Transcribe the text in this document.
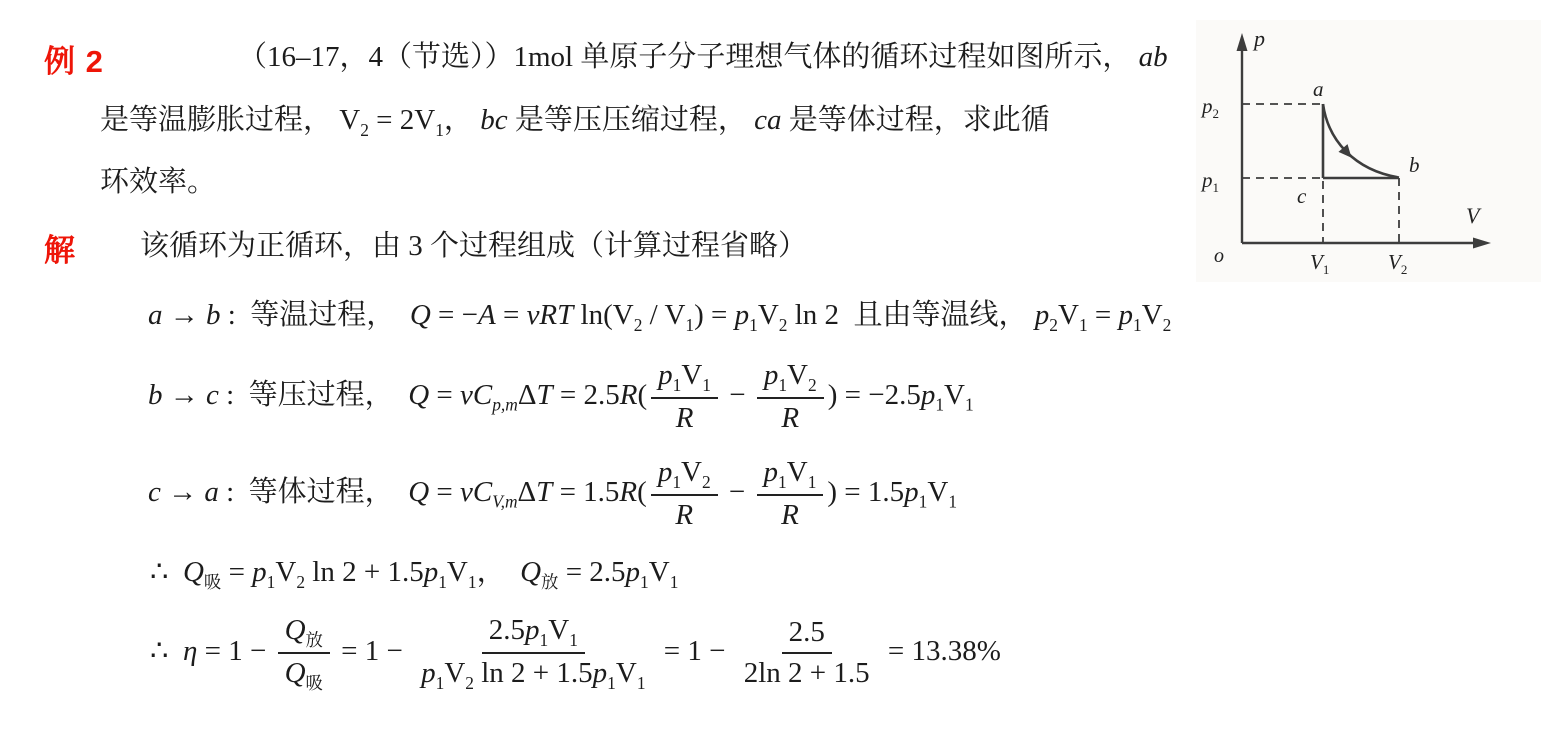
例 2	（16–17，4（节选））1mol 单原子分子理想气体的循环过程如图所示， ab
是等温膨胀过程， $V_2 = 2V_1$， bc 是等压压缩过程， ca 是等体过程，求此循
环效率。
解 该循环为正循环，由 3 个过程组成（计算过程省略）
a → b :  等温过程，  Q = −A = νRT $\ln(V_2 / V_1) = p_1V_2$ ln 2  且由等温线， $p_2V_1 = p_1V_2$
b → c :  等压过程，  $Q = \nu C_{p,m}\Delta T = 2.5R( \frac{p_1V_1}{R} - \frac{p_1V_2}{R}$ ) = $-2.5p_1V_1$
c → a :  等体过程，  $Q = \nu C_{V,m}\Delta T = 1.5R( \frac{p_1V_2}{R} - \frac{p_1V_1}{R}$ ) = $1.5p_1V_1$
∴  $Q_吸 = p_1V_2$ $\ln 2 + 1.5p_1V_1$，  $Q_放 = 2.5p_1V_1$
∴  $\eta = 1 - \frac{Q_放}{Q_吸} = 1 - \frac{2.5p_1V_1}{p_1V_2 \ln 2 + 1.5p_1V_1} = 1 - \frac{2.5}{2\ln 2 + 1.5} = 13.38\%$
p
V
o
a
b
c
$p_2$
$p_1$
$V_1$	$V_2$
